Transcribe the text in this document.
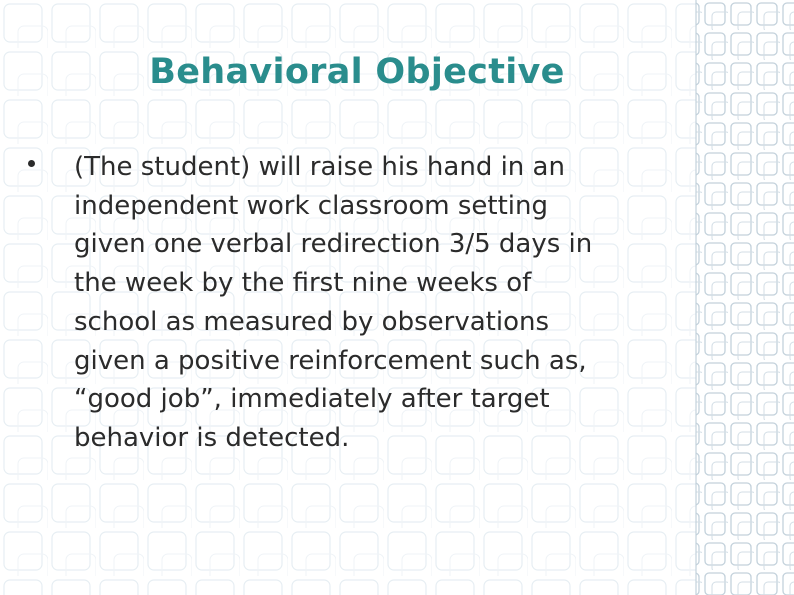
Behavioral Objective

(The student) will raise his hand in an
independent work classroom setting
given one verbal redirection 3/5 days in
the week by the first nine weeks of
school as measured by observations
given a positive reinforcement such as,
“good job”, immediately after target
behavior is detected.
